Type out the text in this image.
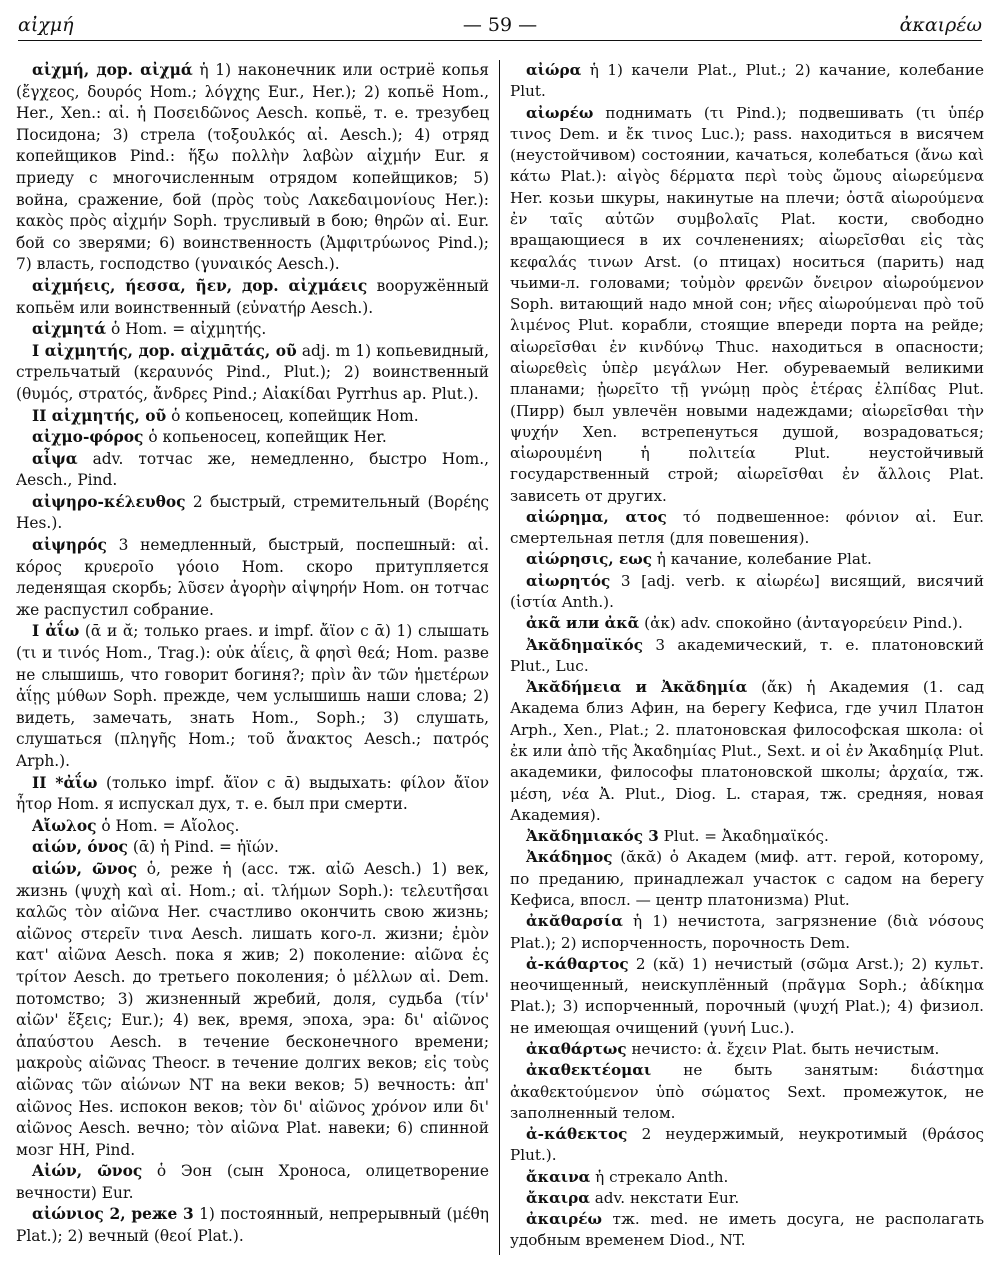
αἰχμή	— 59 —	ἀκαιρέω

αἰχμή, дор. αἰχμά ἡ 1) наконечник или остриё копья (ἔγχεος, δουρός Hom.; λόγχης Eur., Her.); 2) копьё Hom., Her., Xen.: αἰ. ἡ Ποσειδῶνος Aesch. копьё, т. е. трезубец Посидона; 3) стрела (τοξουλκός αἰ. Aesch.); 4) отряд копейщиков Pind.: ἥξω πολλὴν λαβὼν αἰχμήν Eur. я приеду с многочисленным отрядом копейщиков; 5) война, сражение, бой (πρὸς τοὺς Λακεδαιμονίους Her.): κακὸς πρὸς αἰχμήν Soph. трусливый в бою; θηρῶν αἰ. Eur. бой со зверями; 6) воинственность (Ἀμφιτρύωνος Pind.); 7) власть, господство (γυναικός Aesch.).

αἰχμήεις, ήεσσα, ῆεν, дор. αἰχμάεις вооружённый копьём или воинственный (εὐνατήρ Aesch.).

αἰχμητά ὁ Hom. = αἰχμητής.

I αἰχμητής, дор. αἰχμᾱτάς, οῦ adj. m 1) копьевидный, стрельчатый (κεραυνός Pind., Plut.); 2) воинственный (θυμός, στρατός, ἄνδρες Pind.; Αἰακίδαι Pyrrhus ap. Plut.).

II αἰχμητής, οῦ ὁ копьеносец, копейщик Hom.

αἰχμο-φόρος ὁ копьеносец, копейщик Her.

αἶψα adv. тотчас же, немедленно, быстро Hom., Aesch., Pind.

αἰψηρο-κέλευθος 2 быстрый, стремительный (Βορέης Hes.).

αἰψηρός 3 немедленный, быстрый, поспешный: αἰ. κόρος κρυεροῖο γόοιο Hom. скоро притупляется леденящая скорбь; λῦσεν ἀγορὴν αἰψηρήν Hom. он тотчас же распустил собрание.

I ἀΐω (ᾱ и ᾰ; только praes. и impf. ἄϊον с ᾱ) 1) слышать (τι и τινός Hom., Trag.): οὐκ ἀΐεις, ἃ φησὶ θεά; Hom. разве не слышишь, что говорит богиня?; πρὶν ἂν τῶν ἡμετέρων ἀΐῃς μύθων Soph. прежде, чем услышишь наши слова; 2) видеть, замечать, знать Hom., Soph.; 3) слушать, слушаться (πληγῆς Hom.; τοῦ ἄνακτος Aesch.; πατρός Arph.).

II *ἀΐω (только impf. ἄϊον с ᾱ) выдыхать: φίλον ἄϊον ἦτορ Hom. я испускал дух, т. е. был при смерти.

Αἴωλος ὁ Hom. = Αἴολος.

αἰών, όνος (ᾱ) ἡ Pind. = ἠϊών.

αἰών, ῶνος ὁ, реже ἡ (acc. тж. αἰῶ Aesch.) 1) век, жизнь (ψυχὴ καὶ αἰ. Hom.; αἰ. τλήμων Soph.): τελευτῆσαι καλῶς τὸν αἰῶνα Her. счастливо окончить свою жизнь; αἰῶνος στερεῖν τινα Aesch. лишать кого-л. жизни; ἐμὸν κατ' αἰῶνα Aesch. пока я жив; 2) поколение: αἰῶνα ἐς τρίτον Aesch. до третьего поколения; ὁ μέλλων αἰ. Dem. потомство; 3) жизненный жребий, доля, судьба (τίν' αἰῶν' ἕξεις; Eur.); 4) век, время, эпоха, эра: δι' αἰῶνος ἀπαύστου Aesch. в течение бесконечного времени; μακροὺς αἰῶνας Theocr. в течение долгих веков; εἰς τοὺς αἰῶνας τῶν αἰώνων NT на веки веков; 5) вечность: ἀπ' αἰῶνος Hes. испокон веков; τὸν δι' αἰῶνος χρόνον или δι' αἰῶνος Aesch. вечно; τὸν αἰῶνα Plat. навеки; 6) спинной мозг HH, Pind.

Αἰών, ῶνος ὁ Эон (сын Хроноса, олицетворение вечности) Eur.

αἰώνιος 2, реже 3 1) постоянный, непрерывный (μέθη Plat.); 2) вечный (θεοί Plat.).

αἰώρα ἡ 1) качели Plat., Plut.; 2) качание, колебание Plut.

αἰωρέω поднимать (τι Pind.); подвешивать (τι ὑπέρ τινος Dem. и ἔκ τινος Luc.); pass. находиться в висячем (неустойчивом) состоянии, качаться, колебаться (ἄνω καὶ κάτω Plat.): αἰγὸς δέρματα περὶ τοὺς ὤμους αἰωρεύμενα Her. козьи шкуры, накинутые на плечи; ὀστᾶ αἰωρούμενα ἐν ταῖς αὑτῶν συμβολαῖς Plat. кости, свободно вращающиеся в их сочленениях; αἰωρεῖσθαι εἰς τὰς κεφαλάς τινων Arst. (о птицах) носиться (парить) над чьими-л. головами; τοὐμὸν φρενῶν ὄνειρον αἰωρούμενον Soph. витающий надо мной сон; νῆες αἰωρούμεναι πρὸ τοῦ λιμένος Plut. корабли, стоящие впереди порта на рейде; αἰωρεῖσθαι ἐν κινδύνῳ Thuc. находиться в опасности; αἰωρεθεὶς ὑπὲρ μεγάλων Her. обуреваемый великими планами; ᾐωρεῖτο τῇ γνώμῃ πρὸς ἑτέρας ἐλπίδας Plut. (Пирр) был увлечён новыми надеждами; αἰωρεῖσθαι τὴν ψυχήν Xen. встрепенуться душой, возрадоваться; αἰωρουμένη ἡ πολιτεία Plut. неустойчивый государственный строй; αἰωρεῖσθαι ἐν ἄλλοις Plat. зависеть от других.

αἰώρημα, ατος τό подвешенное: φόνιον αἰ. Eur. смертельная петля (для повешения).

αἰώρησις, εως ἡ качание, колебание Plat.

αἰωρητός 3 [adj. verb. к αἰωρέω] висящий, висячий (ἱστία Anth.).

ἀκᾶ или ἀκᾶ (ἀκ) adv. спокойно (ἀνταγορεύειν Pind.).

Ἀκᾰδημαϊκός 3 академический, т. е. платоновский Plut., Luc.

Ἀκᾰδήμεια и Ἀκᾰδημία (ἄκ) ἡ Академия (1. сад Академа близ Афин, на берегу Кефиса, где учил Платон Arph., Xen., Plat.; 2. платоновская философская школа: οἱ ἐκ или ἀπὸ τῆς Ἀκαδημίας Plut., Sext. и οἱ ἐν Ἀκαδημίᾳ Plut. академики, философы платоновской школы; ἀρχαία, тж. μέση, νέα Ἀ. Plut., Diog. L. старая, тж. средняя, новая Академия).

Ἀκᾰδημιακός 3 Plut. = Ἀκαδημαϊκός.

Ἀκάδημος (ᾰκᾰ) ὁ Академ (миф. атт. герой, которому, по преданию, принадлежал участок с садом на берегу Кефиса, впосл. — центр платонизма) Plut.

ἀκᾰθαρσία ἡ 1) нечистота, загрязнение (διὰ νόσους Plat.); 2) испорченность, порочность Dem.

ἀ-κάθαρτος 2 (κᾰ) 1) нечистый (σῶμα Arst.); 2) культ. неочищенный, неискуплённый (πρᾶγμα Soph.; ἀδίκημα Plat.); 3) испорченный, порочный (ψυχή Plat.); 4) физиол. не имеющая очищений (γυνή Luc.).

ἀκαθάρτως нечисто: ἀ. ἔχειν Plat. быть нечистым.

ἀκαθεκτέομαι не быть занятым: διάστημα ἀκαθεκτούμενον ὑπὸ σώματος Sext. промежуток, не заполненный телом.

ἀ-κάθεκτος 2 неудержимый, неукротимый (θράσος Plut.).

ἄκαινα ἡ стрекало Anth.

ἄκαιρα adv. некстати Eur.

ἀκαιρέω тж. med. не иметь досуга, не располагать удобным временем Diod., NT.
